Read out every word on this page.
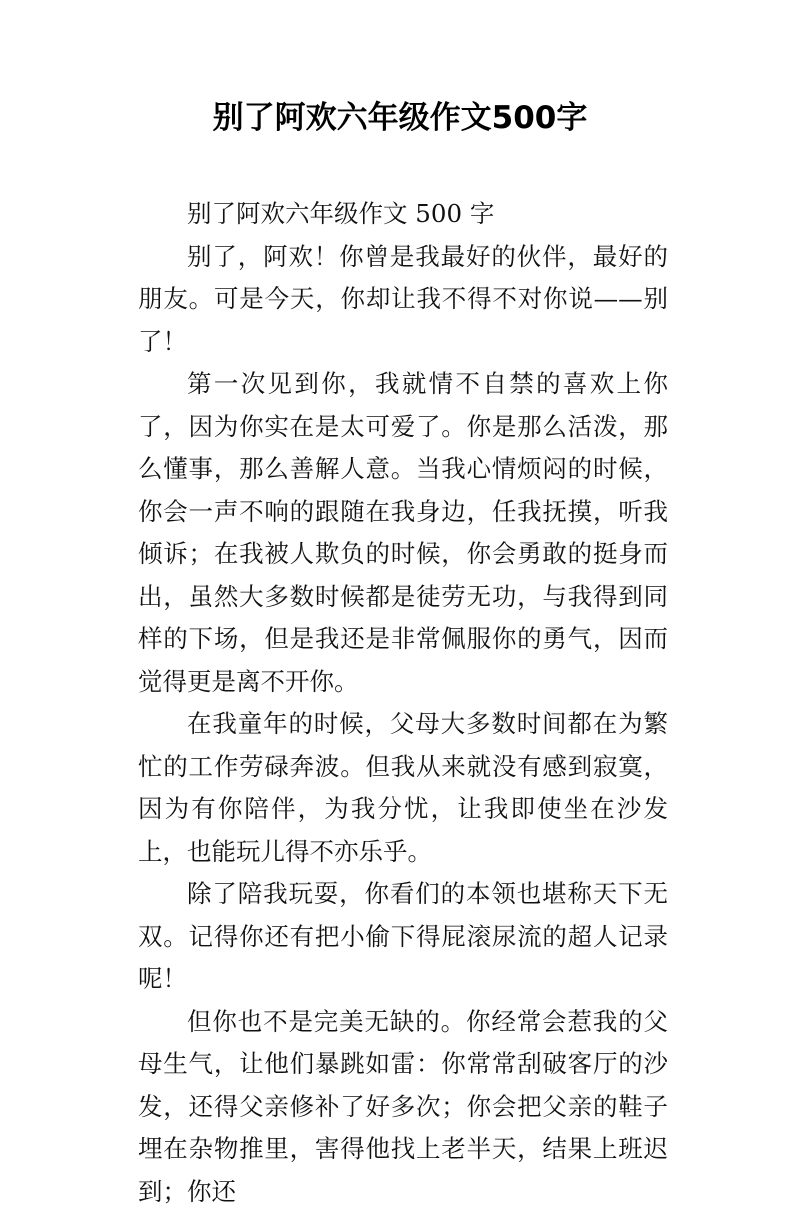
别了阿欢六年级作文500字

别了阿欢六年级作文 500 字

别了，阿欢！你曾是我最好的伙伴，最好的朋友。可是今天，你却让我不得不对你说——别了！

第一次见到你，我就情不自禁的喜欢上你了，因为你实在是太可爱了。你是那么活泼，那么懂事，那么善解人意。当我心情烦闷的时候，你会一声不响的跟随在我身边，任我抚摸，听我倾诉；在我被人欺负的时候，你会勇敢的挺身而出，虽然大多数时候都是徒劳无功，与我得到同样的下场，但是我还是非常佩服你的勇气，因而觉得更是离不开你。

在我童年的时候，父母大多数时间都在为繁忙的工作劳碌奔波。但我从来就没有感到寂寞，因为有你陪伴，为我分忧，让我即使坐在沙发上，也能玩儿得不亦乐乎。

除了陪我玩耍，你看们的本领也堪称天下无双。记得你还有把小偷下得屁滚尿流的超人记录呢！

但你也不是完美无缺的。你经常会惹我的父母生气，让他们暴跳如雷：你常常刮破客厅的沙发，还得父亲修补了好多次；你会把父亲的鞋子埋在杂物推里，害得他找上老半天，结果上班迟到；你还
